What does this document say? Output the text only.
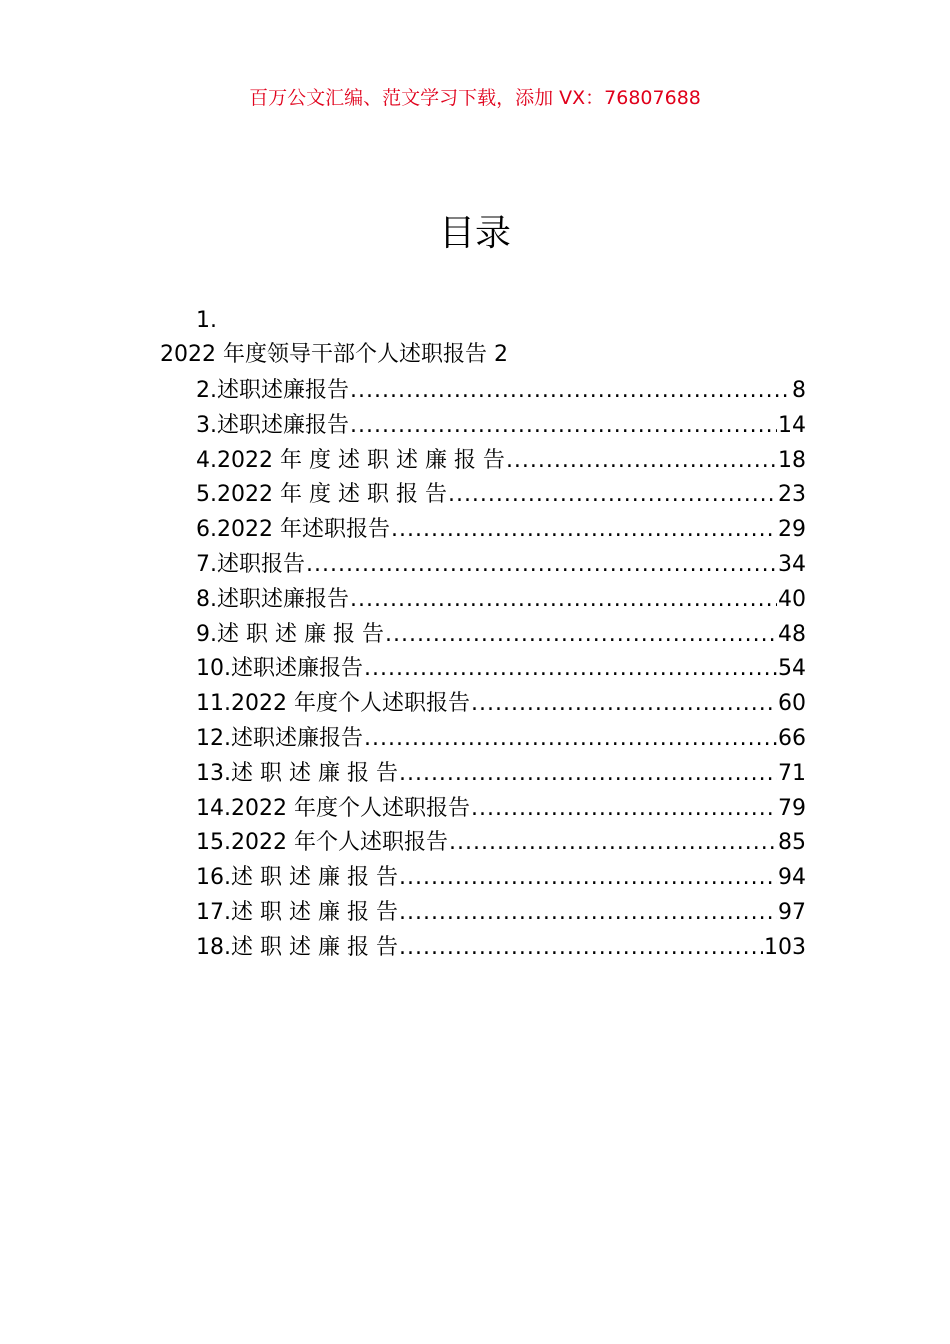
百万公文汇编、范文学习下载，添加 VX：76807688
目录
1.
2022 年度领导干部个人述职报告 2
2.述职述廉报告 .....	8
3.述职述廉报告 .....	14
4.2022 年 度 述 职 述 廉 报 告 .....	18
5.2022 年 度 述 职 报 告 .....	23
6.2022 年述职报告 .....	29
7.述职报告 .....	34
8.述职述廉报告 .....	40
9.述 职 述 廉 报 告 .....	48
10.述职述廉报告 .....	54
11.2022 年度个人述职报告 .....	60
12.述职述廉报告 .....	66
13.述 职 述 廉 报 告 .....	71
14.2022 年度个人述职报告 .....	79
15.2022 年个人述职报告 .....	85
16.述 职 述 廉 报 告 .....	94
17.述 职 述 廉 报 告 .....	97
18.述 职 述 廉 报 告 .....	103
